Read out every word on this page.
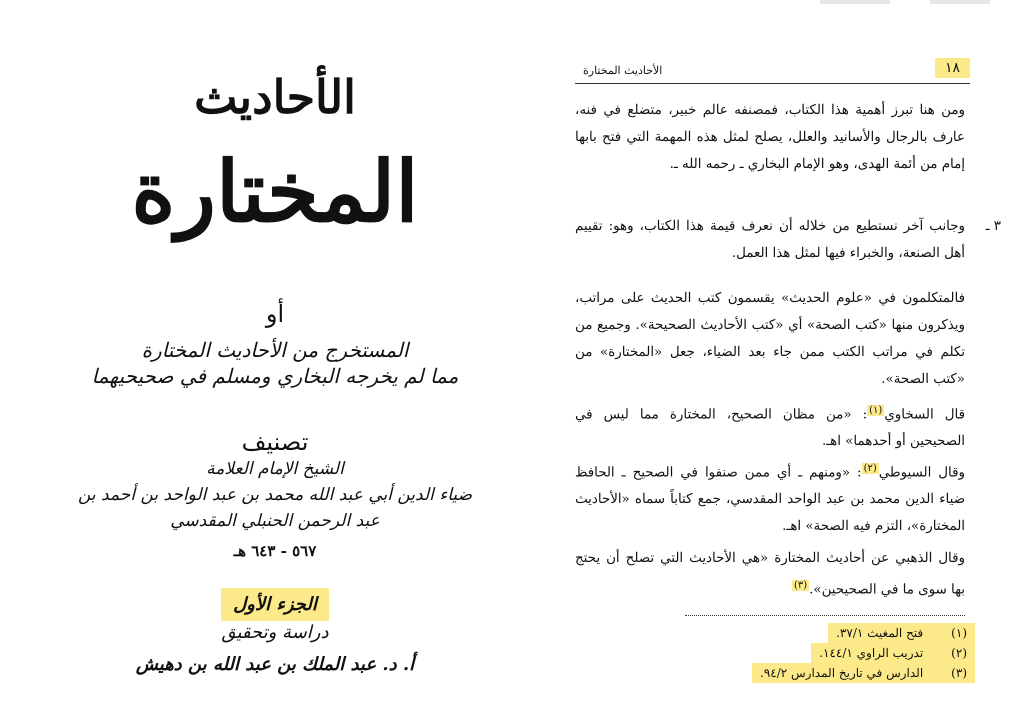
الأحاديث
المختارة
أو
المستخرج من الأحاديث المختارة
مما لم يخرجه البخاري ومسلم في صحيحيهما
تصنيف
الشيخ الإمام العلامة
ضياء الدين أبي عبد الله محمد بن عبد الواحد بن أحمد بن
عبد الرحمن الحنبلي المقدسي
٥٦٧ - ٦٤٣ هـ
الجزء الأول
دراسة وتحقيق
أ. د. عبد الملك بن عبد الله بن دهيش
١٨
الأحاديث المختارة
ومن هنا تبرز أهمية هذا الكتاب، فمصنفه عالم خبير، متضلع في فنه، عارف بالرجال والأسانيد والعلل، يصلح لمثل هذه المهمة التي فتح بابها إمام من أئمة الهدى، وهو الإمام البخاري ـ رحمه الله ـ.
٣ ـ
وجانب آخر نستطيع من خلاله أن نعرف قيمة هذا الكتاب، وهو: تقييم أهل الصنعة، والخبراء فيها لمثل هذا العمل.
فالمتكلمون في «علوم الحديث» يقسمون كتب الحديث على مراتب، ويذكرون منها «كتب الصحة» أي «كتب الأحاديث الصحيحة». وجميع من تكلم في مراتب الكتب ممن جاء بعد الضياء، جعل «المختارة» من «كتب الصحة».
قال السخاوي$^{(١)}$: «من مظان الصحيح، المختارة مما ليس في الصحيحين أو أحدهما» اهـ.
وقال السيوطي$^{(٢)}$: «ومنهم ـ أي ممن صنفوا في الصحيح ـ الحافظ ضياء الدين محمد بن عبد الواحد المقدسي، جمع كتاباً سماه «الأحاديث المختارة»، التزم فيه الصحة» اهـ.
وقال الذهبي عن أحاديث المختارة «هي الأحاديث التي تصلح أن يحتج بها سوى ما في الصحيحين».$^{(٣)}$
(١)فتح المغيث ٣٧/١.
(٢)تدريب الراوي ١٤٤/١.
(٣)الدارس في تاريخ المدارس ٩٤/٢.
